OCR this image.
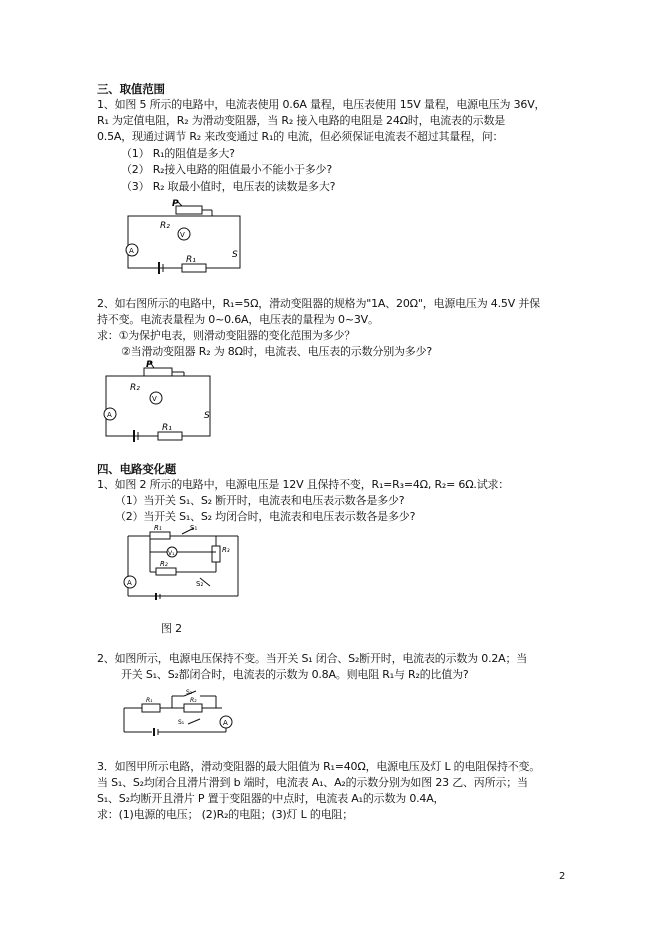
三、取值范围
1、如图 5 所示的电路中，电流表使用 0.6A 量程，电压表使用 15V 量程，电源电压为 36V，
R₁ 为定值电阻，R₂ 为滑动变阻器，当 R₂ 接入电路的电阻是 24Ω时，电流表的示数是
0.5A，现通过调节 R₂ 来改变通过 R₁的 电流，但必须保证电流表不超过其量程，问：
（1） R₁的阻值是多大?
（2） R₂接入电路的阻值最小不能小于多少?
（3） R₂ 取最小值时，电压表的读数是多大?
P
R₂
V
A
R₁	S
2、如右图所示的电路中，R₁=5Ω，滑动变阻器的规格为"1A、20Ω"，电源电压为 4.5V 并保
持不变。电流表量程为 0~0.6A，电压表的量程为 0~3V。
求：①为保护电表，则滑动变阻器的变化范围为多少？
②当滑动变阻器 R₂ 为 8Ω时，电流表、电压表的示数分别为多少?
P
R₂
V
A
R₁
S
四、电路变化题
1、如图 2 所示的电路中，电源电压是 12V 且保持不变，R₁=R₃=4Ω, R₂= 6Ω.试求：
（1）当开关 S₁、S₂ 断开时，电流表和电压表示数各是多少?
（2）当开关 S₁、S₂ 均闭合时，电流表和电压表示数各是多少?
R₁	S₁
R₃
V₁
R₂
A	S₂
图 2
2、如图所示，电源电压保持不变。当开关 S₁ 闭合、S₂断开时，电流表的示数为 0.2A；当
开关 S₁、S₂都闭合时，电流表的示数为 0.8A。则电阻 R₁与 R₂的比值为?
R₁	R₂
A
S₁
S₂
3．如图甲所示电路，滑动变阻器的最大阻值为 R₁=40Ω，电源电压及灯 L 的电阻保持不变。
当 S₁、S₂均闭合且滑片滑到 b 端时，电流表 A₁、A₂的示数分别为如图 23 乙、丙所示；当
S₁、S₂均断开且滑片 P 置于变阻器的中点时，电流表 A₁的示数为 0.4A，
求：(1)电源的电压； (2)R₂的电阻；(3)灯 L 的电阻；
2
